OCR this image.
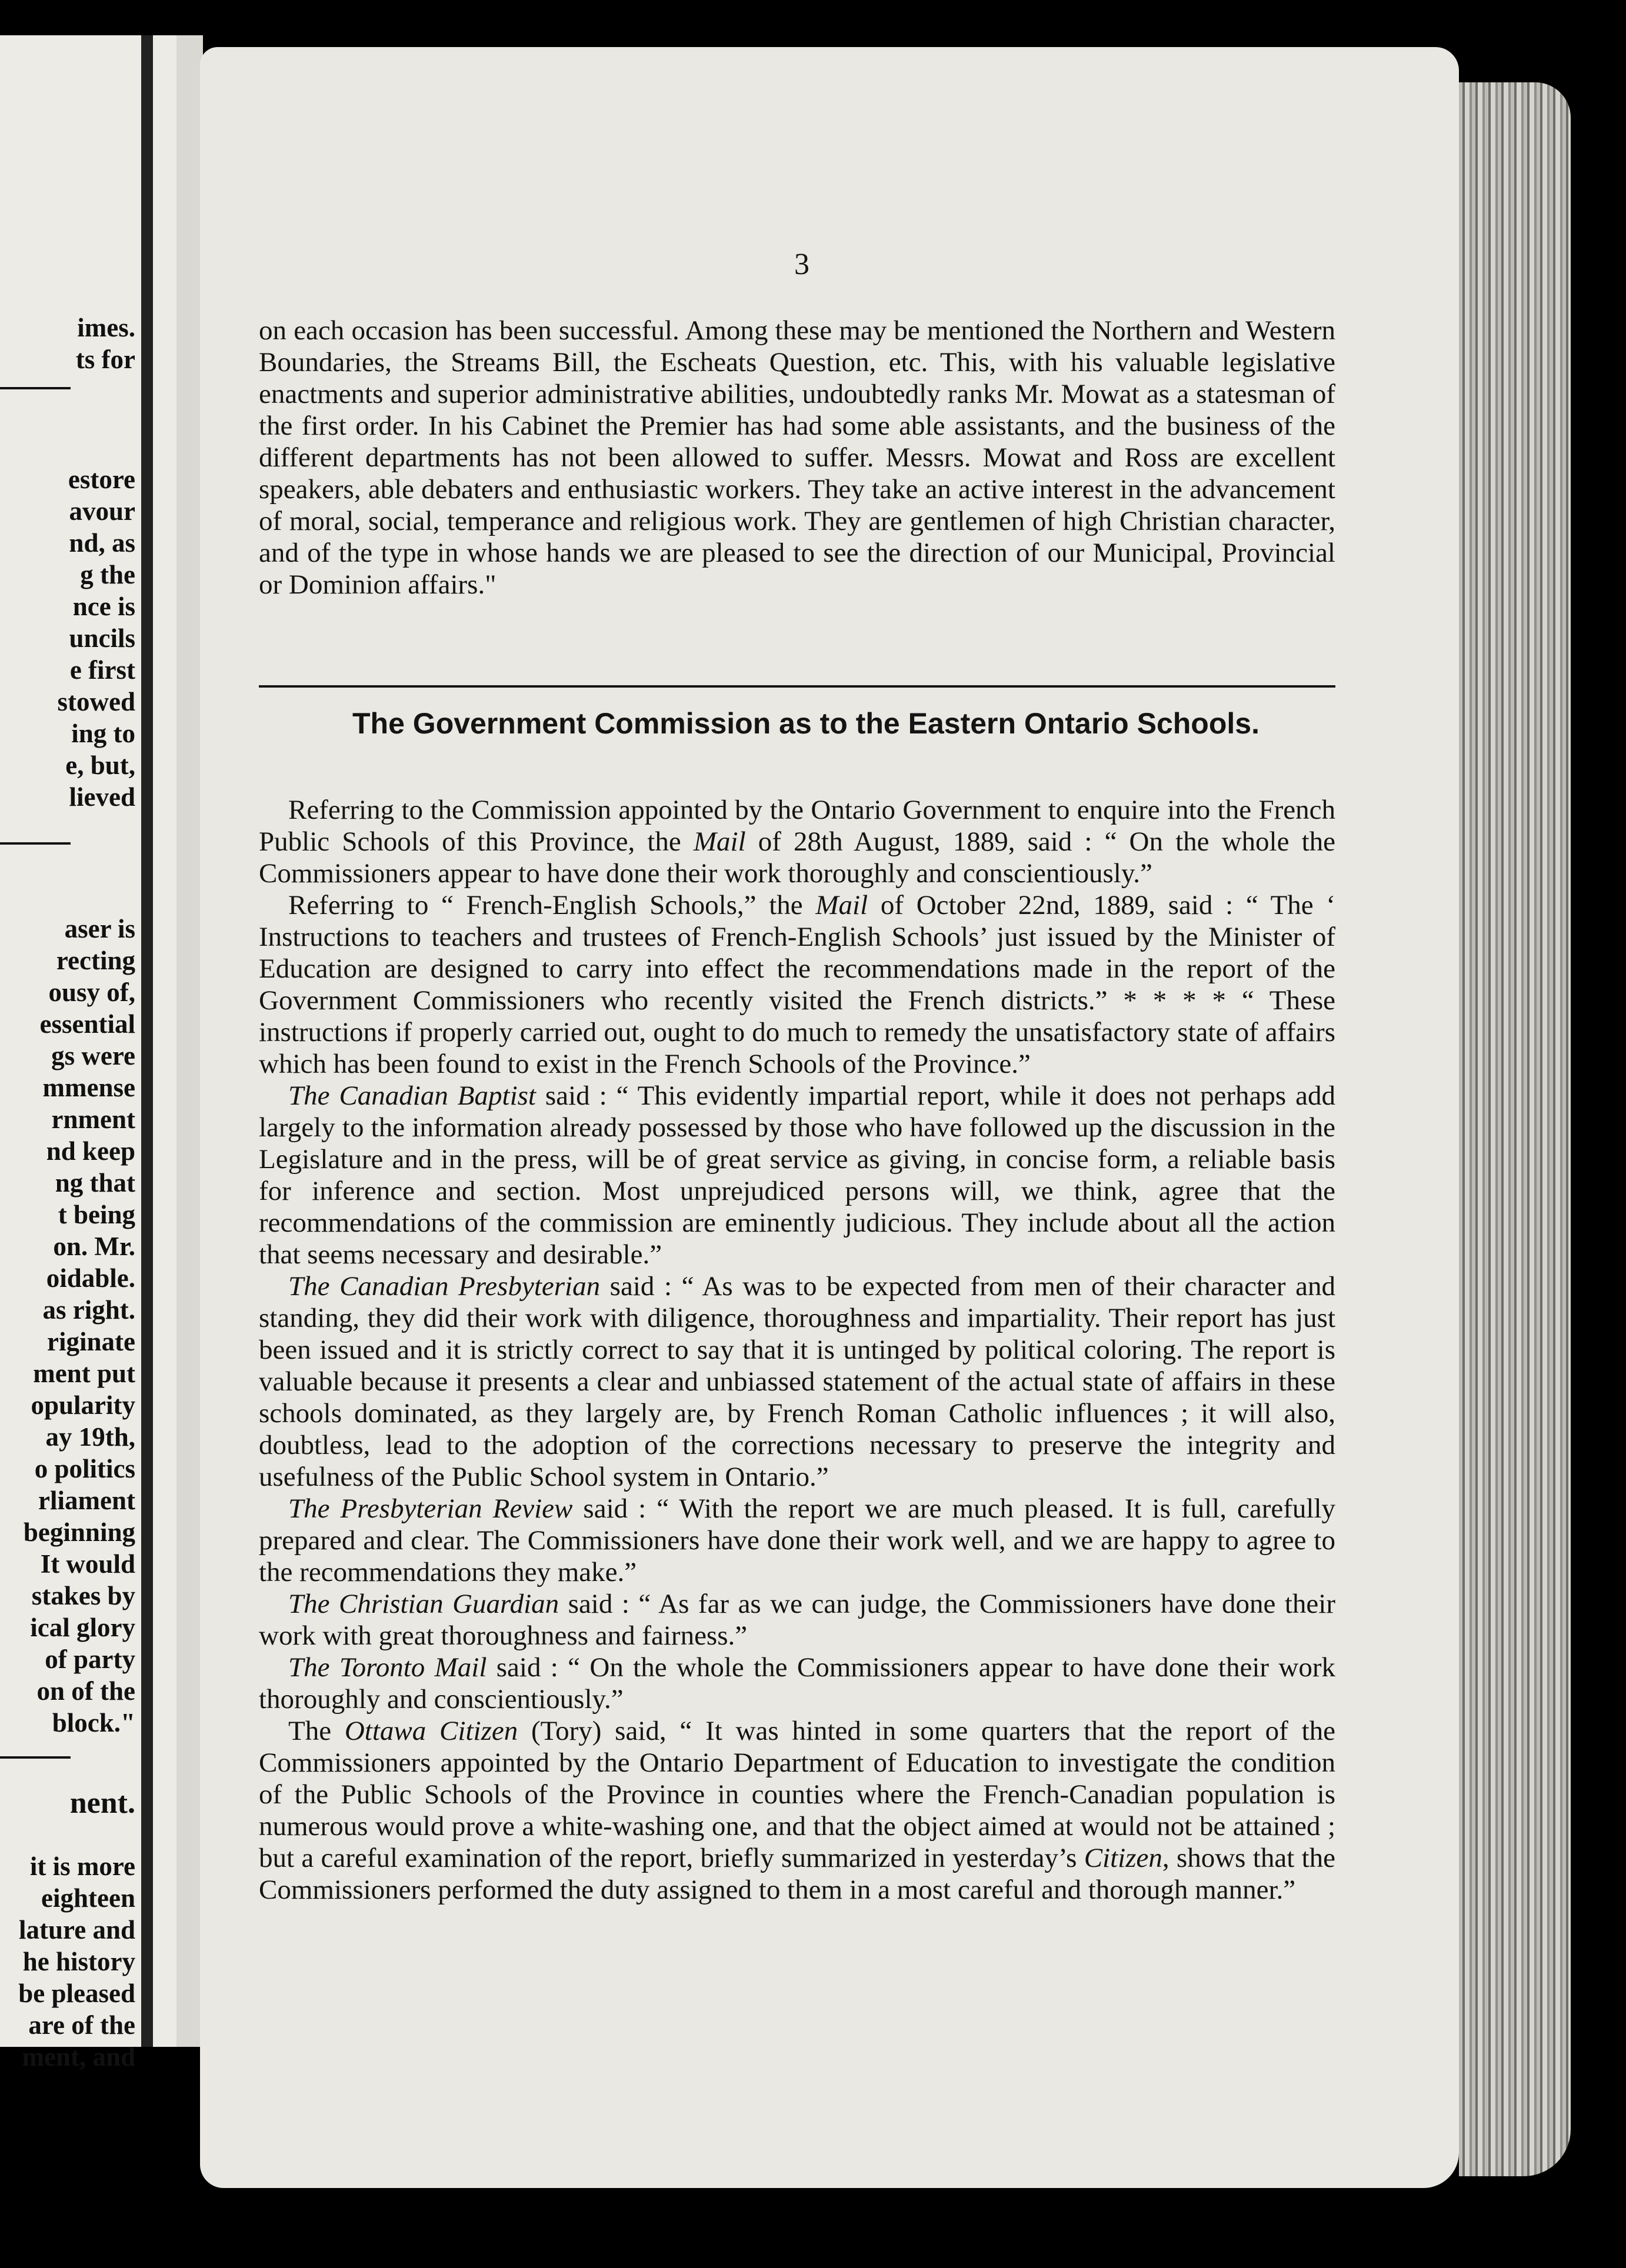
imes.
ts for
estore
avour
nd, as
g the
nce is
uncils
e first
stowed
ing to
e, but,
lieved
aser is
recting
ousy of,
essential
gs were
mmense
rnment
nd keep
ng that
t being
on. Mr.
oidable.
as right.
riginate
ment put
opularity
ay 19th,
o politics
rliament
beginning
It would
stakes by
ical glory
of party
on of the
block."
nent.
it is more
eighteen
lature and
he history
be pleased
are of the
ment, and
3

on each occasion has been successful. Among these may be mentioned the Northern and Western Boundaries, the Streams Bill, the Escheats Question, etc. This, with his valuable legislative enactments and superior administrative abilities, undoubtedly ranks Mr. Mowat as a statesman of the first order. In his Cabinet the Premier has had some able assistants, and the business of the different departments has not been allowed to suffer. Messrs. Mowat and Ross are excellent speakers, able debaters and enthusiastic workers. They take an active interest in the advancement of moral, social, temperance and religious work. They are gentlemen of high Christian character, and of the type in whose hands we are pleased to see the direction of our Municipal, Provincial or Dominion affairs."

The Government Commission as to the Eastern Ontario Schools.

Referring to the Commission appointed by the Ontario Government to enquire into the French Public Schools of this Province, the Mail of 28th August, 1889, said : “ On the whole the Commissioners appear to have done their work thoroughly and conscientiously.”

Referring to “ French-English Schools,” the Mail of October 22nd, 1889, said : “ The ‘ Instructions to teachers and trustees of French-English Schools’ just issued by the Minister of Education are designed to carry into effect the recommendations made in the report of the Government Commissioners who recently visited the French districts.” * * * * “ These instructions if properly carried out, ought to do much to remedy the unsatisfactory state of affairs which has been found to exist in the French Schools of the Province.”

The Canadian Baptist said : “ This evidently impartial report, while it does not perhaps add largely to the information already possessed by those who have followed up the discussion in the Legislature and in the press, will be of great service as giving, in concise form, a reliable basis for inference and section. Most unprejudiced persons will, we think, agree that the recommendations of the commission are eminently judicious. They include about all the action that seems necessary and desirable.”

The Canadian Presbyterian said : “ As was to be expected from men of their character and standing, they did their work with diligence, thoroughness and impartiality. Their report has just been issued and it is strictly correct to say that it is untinged by political coloring. The report is valuable because it presents a clear and unbiassed statement of the actual state of affairs in these schools dominated, as they largely are, by French Roman Catholic influences ; it will also, doubtless, lead to the adoption of the corrections necessary to preserve the integrity and usefulness of the Public School system in Ontario.”

The Presbyterian Review said : “ With the report we are much pleased. It is full, carefully prepared and clear. The Commissioners have done their work well, and we are happy to agree to the recommendations they make.”

The Christian Guardian said : “ As far as we can judge, the Commissioners have done their work with great thoroughness and fairness.”

The Toronto Mail said : “ On the whole the Commissioners appear to have done their work thoroughly and conscientiously.”

The Ottawa Citizen (Tory) said, “ It was hinted in some quarters that the report of the Commissioners appointed by the Ontario Department of Education to investigate the condition of the Public Schools of the Province in counties where the French-Canadian population is numerous would prove a white-washing one, and that the object aimed at would not be attained ; but a careful examination of the report, briefly summarized in yesterday’s Citizen, shows that the Commissioners performed the duty assigned to them in a most careful and thorough manner.”
